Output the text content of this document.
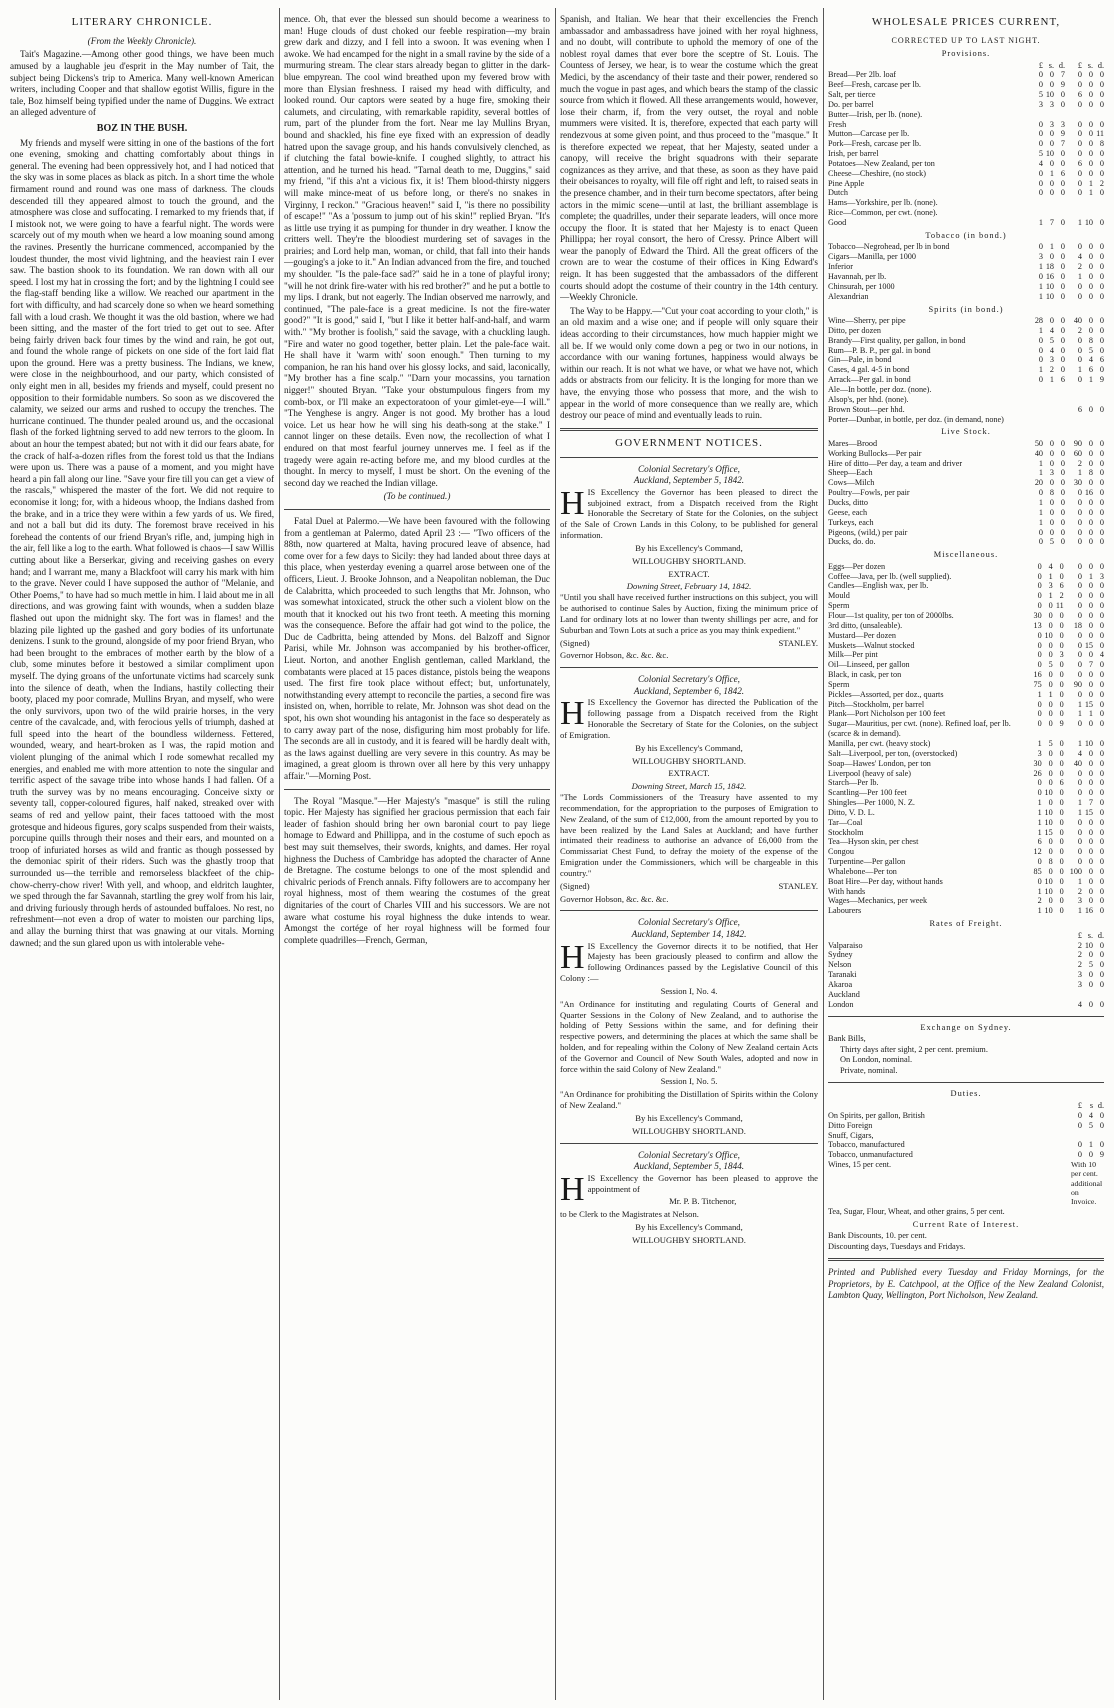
LITERARY CHRONICLE.
(From the Weekly Chronicle).

Tait's Magazine.—Among other good things, we have been much amused by a laughable jeu d'esprit in the May number of Tait, the subject being Dickens's trip to America. Many well-known American writers, including Cooper and that shallow egotist Willis, figure in the tale, Boz himself being typified under the name of Duggins. We extract an alleged adventure of

BOZ IN THE BUSH.

My friends and myself were sitting in one of the bastions of the fort one evening, smoking and chatting comfortably about things in general. The evening had been oppressively hot, and I had noticed that the sky was in some places as black as pitch. In a short time the whole firmament round and round was one mass of darkness. The clouds descended till they appeared almost to touch the ground, and the atmosphere was close and suffocating. I remarked to my friends that, if I mistook not, we were going to have a fearful night. The words were scarcely out of my mouth when we heard a low moaning sound among the ravines. Presently the hurricane commenced, accompanied by the loudest thunder, the most vivid lightning, and the heaviest rain I ever saw. The bastion shook to its foundation. We ran down with all our speed. I lost my hat in crossing the fort; and by the lightning I could see the flag-staff bending like a willow. We reached our apartment in the fort with difficulty, and had scarcely done so when we heard something fall with a loud crash. We thought it was the old bastion, where we had been sitting, and the master of the fort tried to get out to see. After being fairly driven back four times by the wind and rain, he got out, and found the whole range of pickets on one side of the fort laid flat upon the ground. Here was a pretty business. The Indians, we knew, were close in the neighbourhood, and our party, which consisted of only eight men in all, besides my friends and myself, could present no opposition to their formidable numbers. So soon as we discovered the calamity, we seized our arms and rushed to occupy the trenches. The hurricane continued. The thunder pealed around us, and the occasional flash of the forked lightning served to add new terrors to the gloom. In about an hour the tempest abated; but not with it did our fears abate, for the crack of half-a-dozen rifles from the forest told us that the Indians were upon us. There was a pause of a moment, and you might have heard a pin fall along our line. "Save your fire till you can get a view of the rascals," whispered the master of the fort. We did not require to economise it long; for, with a hideous whoop, the Indians dashed from the brake, and in a trice they were within a few yards of us. We fired, and not a ball but did its duty. The foremost brave received in his forehead the contents of our friend Bryan's rifle, and, jumping high in the air, fell like a log to the earth. What followed is chaos—I saw Willis cutting about like a Berserkar, giving and receiving gashes on every hand; and I warrant me, many a Blackfoot will carry his mark with him to the grave. Never could I have supposed the author of "Melanie, and Other Poems," to have had so much mettle in him. I laid about me in all directions, and was growing faint with wounds, when a sudden blaze flashed out upon the midnight sky. The fort was in flames! and the blazing pile lighted up the gashed and gory bodies of its unfortunate denizens. I sunk to the ground, alongside of my poor friend Bryan, who had been brought to the embraces of mother earth by the blow of a club, some minutes before it bestowed a similar compliment upon myself. The dying groans of the unfortunate victims had scarcely sunk into the silence of death, when the Indians, hastily collecting their booty, placed my poor comrade, Mullins Bryan, and myself, who were the only survivors, upon two of the wild prairie horses, in the very centre of the cavalcade, and, with ferocious yells of triumph, dashed at full speed into the heart of the boundless wilderness. Fettered, wounded, weary, and heart-broken as I was, the rapid motion and violent plunging of the animal which I rode somewhat recalled my energies, and enabled me with more attention to note the singular and terrific aspect of the savage tribe into whose hands I had fallen. Of a truth the survey was by no means encouraging. Conceive sixty or seventy tall, copper-coloured figures, half naked, streaked over with seams of red and yellow paint, their faces tattooed with the most grotesque and hideous figures, gory scalps suspended from their waists, porcupine quills through their noses and their ears, and mounted on a troop of infuriated horses as wild and frantic as though possessed by the demoniac spirit of their riders. Such was the ghastly troop that surrounded us—the terrible and remorseless blackfeet of the chip-chow-cherry-chow river! With yell, and whoop, and eldritch laughter, we sped through the far Savannah, startling the grey wolf from his lair, and driving furiously through herds of astounded buffaloes. No rest, no refreshment—not even a drop of water to moisten our parching lips, and allay the burning thirst that was gnawing at our vitals. Morning dawned; and the sun glared upon us with intolerable vehe-

mence. Oh, that ever the blessed sun should become a weariness to man! Huge clouds of dust choked our feeble respiration—my brain grew dark and dizzy, and I fell into a swoon. It was evening when I awoke. We had encamped for the night in a small ravine by the side of a murmuring stream. The clear stars already began to glitter in the dark-blue empyrean. The cool wind breathed upon my fevered brow with more than Elysian freshness. I raised my head with difficulty, and looked round. Our captors were seated by a huge fire, smoking their calumets, and circulating, with remarkable rapidity, several bottles of rum, part of the plunder from the fort. Near me lay Mullins Bryan, bound and shackled, his fine eye fixed with an expression of deadly hatred upon the savage group, and his hands convulsively clenched, as if clutching the fatal bowie-knife. I coughed slightly, to attract his attention, and he turned his head. "Tarnal death to me, Duggins," said my friend, "if this a'nt a vicious fix, it is! Them blood-thirsty niggers will make mince-meat of us before long, or there's no snakes in Virginny, I reckon." "Gracious heaven!" said I, "is there no possibility of escape!" "As a 'possum to jump out of his skin!" replied Bryan. "It's as little use trying it as pumping for thunder in dry weather. I know the critters well. They're the bloodiest murdering set of savages in the prairies; and Lord help man, woman, or child, that fall into their hands—gouging's a joke to it." An Indian advanced from the fire, and touched my shoulder. "Is the pale-face sad?" said he in a tone of playful irony; "will he not drink fire-water with his red brother?" and he put a bottle to my lips. I drank, but not eagerly. The Indian observed me narrowly, and continued, "The pale-face is a great medicine. Is not the fire-water good?" "It is good," said I, "but I like it better half-and-half, and warm with." "My brother is foolish," said the savage, with a chuckling laugh. "Fire and water no good together, better plain. Let the pale-face wait. He shall have it 'warm with' soon enough." Then turning to my companion, he ran his hand over his glossy locks, and said, laconically, "My brother has a fine scalp." "Darn your mocassins, you tarnation nigger!" shouted Bryan. "Take your obstumpulous fingers from my comb-box, or I'll make an expectoratoon of your gimlet-eye—I will." "The Yenghese is angry. Anger is not good. My brother has a loud voice. Let us hear how he will sing his death-song at the stake." I cannot linger on these details. Even now, the recollection of what I endured on that most fearful journey unnerves me. I feel as if the tragedy were again re-acting before me, and my blood curdles at the thought. In mercy to myself, I must be short. On the evening of the second day we reached the Indian village.

(To be continued.)

Fatal Duel at Palermo.—We have been favoured with the following from a gentleman at Palermo, dated April 23 :— "Two officers of the 88th, now quartered at Malta, having procured leave of absence, had come over for a few days to Sicily: they had landed about three days at this place, when yesterday evening a quarrel arose between one of the officers, Lieut. J. Brooke Johnson, and a Neapolitan nobleman, the Duc de Calabritta, which proceeded to such lengths that Mr. Johnson, who was somewhat intoxicated, struck the other such a violent blow on the mouth that it knocked out his two front teeth. A meeting this morning was the consequence. Before the affair had got wind to the police, the Duc de Cadbritta, being attended by Mons. del Balzoff and Signor Parisi, while Mr. Johnson was accompanied by his brother-officer, Lieut. Norton, and another English gentleman, called Markland, the combatants were placed at 15 paces distance, pistols being the weapons used. The first fire took place without effect; but, unfortunately, notwithstanding every attempt to reconcile the parties, a second fire was insisted on, when, horrible to relate, Mr. Johnson was shot dead on the spot, his own shot wounding his antagonist in the face so desperately as to carry away part of the nose, disfiguring him most probably for life. The seconds are all in custody, and it is feared will be hardly dealt with, as the laws against duelling are very severe in this country. As may be imagined, a great gloom is thrown over all here by this very unhappy affair."—Morning Post.

The Royal "Masque."—Her Majesty's "masque" is still the ruling topic. Her Majesty has signified her gracious permission that each fair leader of fashion should bring her own baronial court to pay liege homage to Edward and Phillippa, and in the costume of such epoch as best may suit themselves, their swords, knights, and dames. Her royal highness the Duchess of Cambridge has adopted the character of Anne de Bretagne. The costume belongs to one of the most splendid and chivalric periods of French annals. Fifty followers are to accompany her royal highness, most of them wearing the costumes of the great dignitaries of the court of Charles VIII and his successors. We are not aware what costume his royal highness the duke intends to wear. Amongst the cortége of her royal highness will be formed four complete quadrilles—French, German,

Spanish, and Italian. We hear that their excellencies the French ambassador and ambassadress have joined with her royal highness, and no doubt, will contribute to uphold the memory of one of the noblest royal dames that ever bore the sceptre of St. Louis. The Countess of Jersey, we hear, is to wear the costume which the great Medici, by the ascendancy of their taste and their power, rendered so much the vogue in past ages, and which bears the stamp of the classic source from which it flowed. All these arrangements would, however, lose their charm, if, from the very outset, the royal and noble mummers were visited. It is, therefore, expected that each party will rendezvous at some given point, and thus proceed to the "masque." It is therefore expected we repeat, that her Majesty, seated under a canopy, will receive the bright squadrons with their separate cognizances as they arrive, and that these, as soon as they have paid their obeisances to royalty, will file off right and left, to raised seats in the presence chamber, and in their turn become spectators, after being actors in the mimic scene—until at last, the brilliant assemblage is complete; the quadrilles, under their separate leaders, will once more occupy the floor. It is stated that her Majesty is to enact Queen Phillippa; her royal consort, the hero of Cressy. Prince Albert will wear the panoply of Edward the Third. All the great officers of the crown are to wear the costume of their offices in King Edward's reign. It has been suggested that the ambassadors of the different courts should adopt the costume of their country in the 14th century.—Weekly Chronicle.

The Way to be Happy.—"Cut your coat according to your cloth," is an old maxim and a wise one; and if people will only square their ideas according to their circumstances, how much happier might we all be. If we would only come down a peg or two in our notions, in accordance with our waning fortunes, happiness would always be within our reach. It is not what we have, or what we have not, which adds or abstracts from our felicity. It is the longing for more than we have, the envying those who possess that more, and the wish to appear in the world of more consequence than we really are, which destroy our peace of mind and eventually leads to ruin.

GOVERNMENT NOTICES.
Colonial Secretary's Office,
Auckland, September 5, 1842.
HIS Excellency the Governor has been pleased to direct the subjoined extract, from a Dispatch received from the Right Honorable the Secretary of State for the Colonies, on the subject of the Sale of Crown Lands in this Colony, to be published for general information.
By his Excellency's Command,
WILLOUGHBY SHORTLAND.
EXTRACT.
Downing Street, February 14, 1842.
"Until you shall have received further instructions on this subject, you will be authorised to continue Sales by Auction, fixing the minimum price of Land for ordinary lots at no lower than twenty shillings per acre, and for Suburban and Town Lots at such a price as you may think expedient."
(Signed)	STANLEY.
Governor Hobson, &c. &c. &c.
Colonial Secretary's Office,
Auckland, September 6, 1842.
HIS Excellency the Governor has directed the Publication of the following passage from a Dispatch received from the Right Honorable the Secretary of State for the Colonies, on the subject of Emigration.
By his Excellency's Command,
WILLOUGHBY SHORTLAND.
EXTRACT.
Downing Street, March 15, 1842.
"The Lords Commissioners of the Treasury have assented to my recommendation, for the appropriation to the purposes of Emigration to New Zealand, of the sum of £12,000, from the amount reported by you to have been realized by the Land Sales at Auckland; and have further intimated their readiness to authorise an advance of £6,000 from the Commissariat Chest Fund, to defray the moiety of the expense of the Emigration under the Commissioners, which will be chargeable in this country."
(Signed)	STANLEY.
Governor Hobson, &c. &c. &c.
Colonial Secretary's Office,
Auckland, September 14, 1842.
HIS Excellency the Governor directs it to be notified, that Her Majesty has been graciously pleased to confirm and allow the following Ordinances passed by the Legislative Council of this Colony :—
Session I, No. 4.
"An Ordinance for instituting and regulating Courts of General and Quarter Sessions in the Colony of New Zealand, and to authorise the holding of Petty Sessions within the same, and for defining their respective powers, and determining the places at which the same shall be holden, and for repealing within the Colony of New Zealand certain Acts of the Governor and Council of New South Wales, adopted and now in force within the said Colony of New Zealand."
Session I, No. 5.
"An Ordinance for prohibiting the Distillation of Spirits within the Colony of New Zealand."
By his Excellency's Command,
WILLOUGHBY SHORTLAND.
Colonial Secretary's Office,
Auckland, September 5, 1844.
HIS Excellency the Governor has been pleased to approve the appointment of
Mr. P. B. Titchenor,
to be Clerk to the Magistrates at Nelson.
By his Excellency's Command,
WILLOUGHBY SHORTLAND.
WHOLESALE PRICES CURRENT,
CORRECTED UP TO LAST NIGHT.
Provisions.
	£	s.	d.		£	s.	d.
Bread—Per 2lb. loaf	0	0	7		0	0	0
Beef—Fresh, carcase per lb.	0	0	9		0	0	0
Salt, per tierce	5	10	0		6	0	0
Do. per barrel	3	3	0		0	0	0
Butter—Irish, per lb. (none).							
Fresh	0	3	3		0	0	0
Mutton—Carcase per lb.	0	0	9		0	0	11
Pork—Fresh, carcase per lb.	0	0	7		0	0	8
Irish, per barrel	5	10	0		0	0	0
Potatoes—New Zealand, per ton	4	0	0		6	0	0
Cheese—Cheshire, (no stock)	0	1	6		0	0	0
Pine Apple	0	0	0		0	1	2
Dutch	0	0	0		0	1	0
Hams—Yorkshire, per lb. (none).							
Rice—Common, per cwt. (none).							
Good	1	7	0		1	10	0
Tobacco (in bond.)
Tobacco—Negrohead, per lb in bond	0	1	0		0	0	0
Cigars—Manilla, per 1000	3	0	0		4	0	0
Inferior	1	18	0		2	0	0
Havannah, per lb.	0	16	0		1	0	0
Chinsurah, per 1000	1	10	0		0	0	0
Alexandrian	1	10	0		0	0	0
Spirits (in bond.)
Wine—Sherry, per pipe	28	0	0		40	0	0
Ditto, per dozen	1	4	0		2	0	0
Brandy—First quality, per gallon, in bond	0	5	0		0	8	0
Rum—P. B. P., per gal. in bond	0	4	0		0	5	0
Gin—Pale, in bond	0	3	0		0	4	6
Cases, 4 gal. 4-5 in bond	1	2	0		1	6	0
Arrack—Per gal. in bond	0	1	6		0	1	9
Ale—In bottle, per doz. (none).							
Alsop's, per hhd. (none).							
Brown Stout—per hhd.					6	0	0
Porter—Dunbar, in bottle, per doz. (in demand, none)							
Live Stock.
Mares—Brood	50	0	0		90	0	0
Working Bullocks—Per pair	40	0	0		60	0	0
Hire of ditto—Per day, a team and driver	1	0	0		2	0	0
Sheep—Each	1	3	0		1	8	0
Cows—Milch	20	0	0		30	0	0
Poultry—Fowls, per pair	0	8	0		0	16	0
Ducks, ditto	1	0	0		0	0	0
Geese, each	1	0	0		0	0	0
Turkeys, each	1	0	0		0	0	0
Pigeons, (wild,) per pair	0	0	0		0	0	0
Ducks, do. do.	0	5	0		0	0	0
Miscellaneous.
Eggs—Per dozen	0	4	0		0	0	0
Coffee—Java, per lb. (well supplied).	0	1	0		0	1	3
Candles—English wax, per lb.	0	3	6		0	0	0
Mould	0	1	2		0	0	0
Sperm	0	0	11		0	0	0
Flour—1st quality, per ton of 2000lbs.	30	0	0		0	0	0
3rd ditto, (unsaleable).	13	0	0		18	0	0
Mustard—Per dozen	0	10	0		0	0	0
Muskets—Walnut stocked	0	0	0		0	15	0
Milk—Per pint	0	0	3		0	0	4
Oil—Linseed, per gallon	0	5	0		0	7	0
Black, in cask, per ton	16	0	0		0	0	0
Sperm	75	0	0		90	0	0
Pickles—Assorted, per doz., quarts	1	1	0		0	0	0
Pitch—Stockholm, per barrel	0	0	0		1	15	0
Plank—Port Nicholson per 100 feet	0	0	0		1	1	0
Sugar—Mauritius, per cwt. (none). Refined loaf, per lb. (scarce & in demand).	0	0	9		0	0	0
Manilla, per cwt. (heavy stock)	1	5	0		1	10	0
Salt—Liverpool, per ton, (overstocked)	3	0	0		4	0	0
Soap—Hawes' London, per ton	30	0	0		40	0	0
Liverpool (heavy of sale)	26	0	0		0	0	0
Starch—Per lb.	0	0	6		0	0	0
Scantling—Per 100 feet	0	10	0		0	0	0
Shingles—Per 1000, N. Z.	1	0	0		1	7	0
Ditto, V. D. L.	1	10	0		1	15	0
Tar—Coal	1	10	0		0	0	0
Stockholm	1	15	0		0	0	0
Tea—Hyson skin, per chest	6	0	0		0	0	0
Congou	12	0	0		0	0	0
Turpentine—Per gallon	0	8	0		0	0	0
Whalebone—Per ton	85	0	0		100	0	0
Boat Hire—Per day, without hands	0	10	0		1	0	0
With hands	1	10	0		2	0	0
Wages—Mechanics, per week	2	0	0		3	0	0
Labourers	1	10	0		1	16	0
Rates of Freight.
	£	s.	d.
Valparaiso	2	10	0
Sydney	2	0	0
Nelson	2	5	0
Taranaki	3	0	0
Akaroa	3	0	0
Auckland			
London	4	0	0
Exchange on Sydney.
Bank Bills,
Thirty days after sight, 2 per cent. premium.
On London, nominal.
Private, nominal.
Duties.
	£	s	d.
On Spirits, per gallon, British	0	4	0
Ditto Foreign	0	5	0
Snuff, Cigars,			
Tobacco, manufactured	0	1	0
Tobacco, unmanufactured	0	0	9
Wines, 15 per cent.	With 10 per cent. additional on Invoice.		
Tea, Sugar, Flour, Wheat, and other grains, 5 per cent.			
Current Rate of Interest.
Bank Discounts, 10. per cent.
Discounting days, Tuesdays and Fridays.
Printed and Published every Tuesday and Friday Mornings, for the Proprietors, by E. Catchpool, at the Office of the New Zealand Colonist, Lambton Quay, Wellington, Port Nicholson, New Zealand.
